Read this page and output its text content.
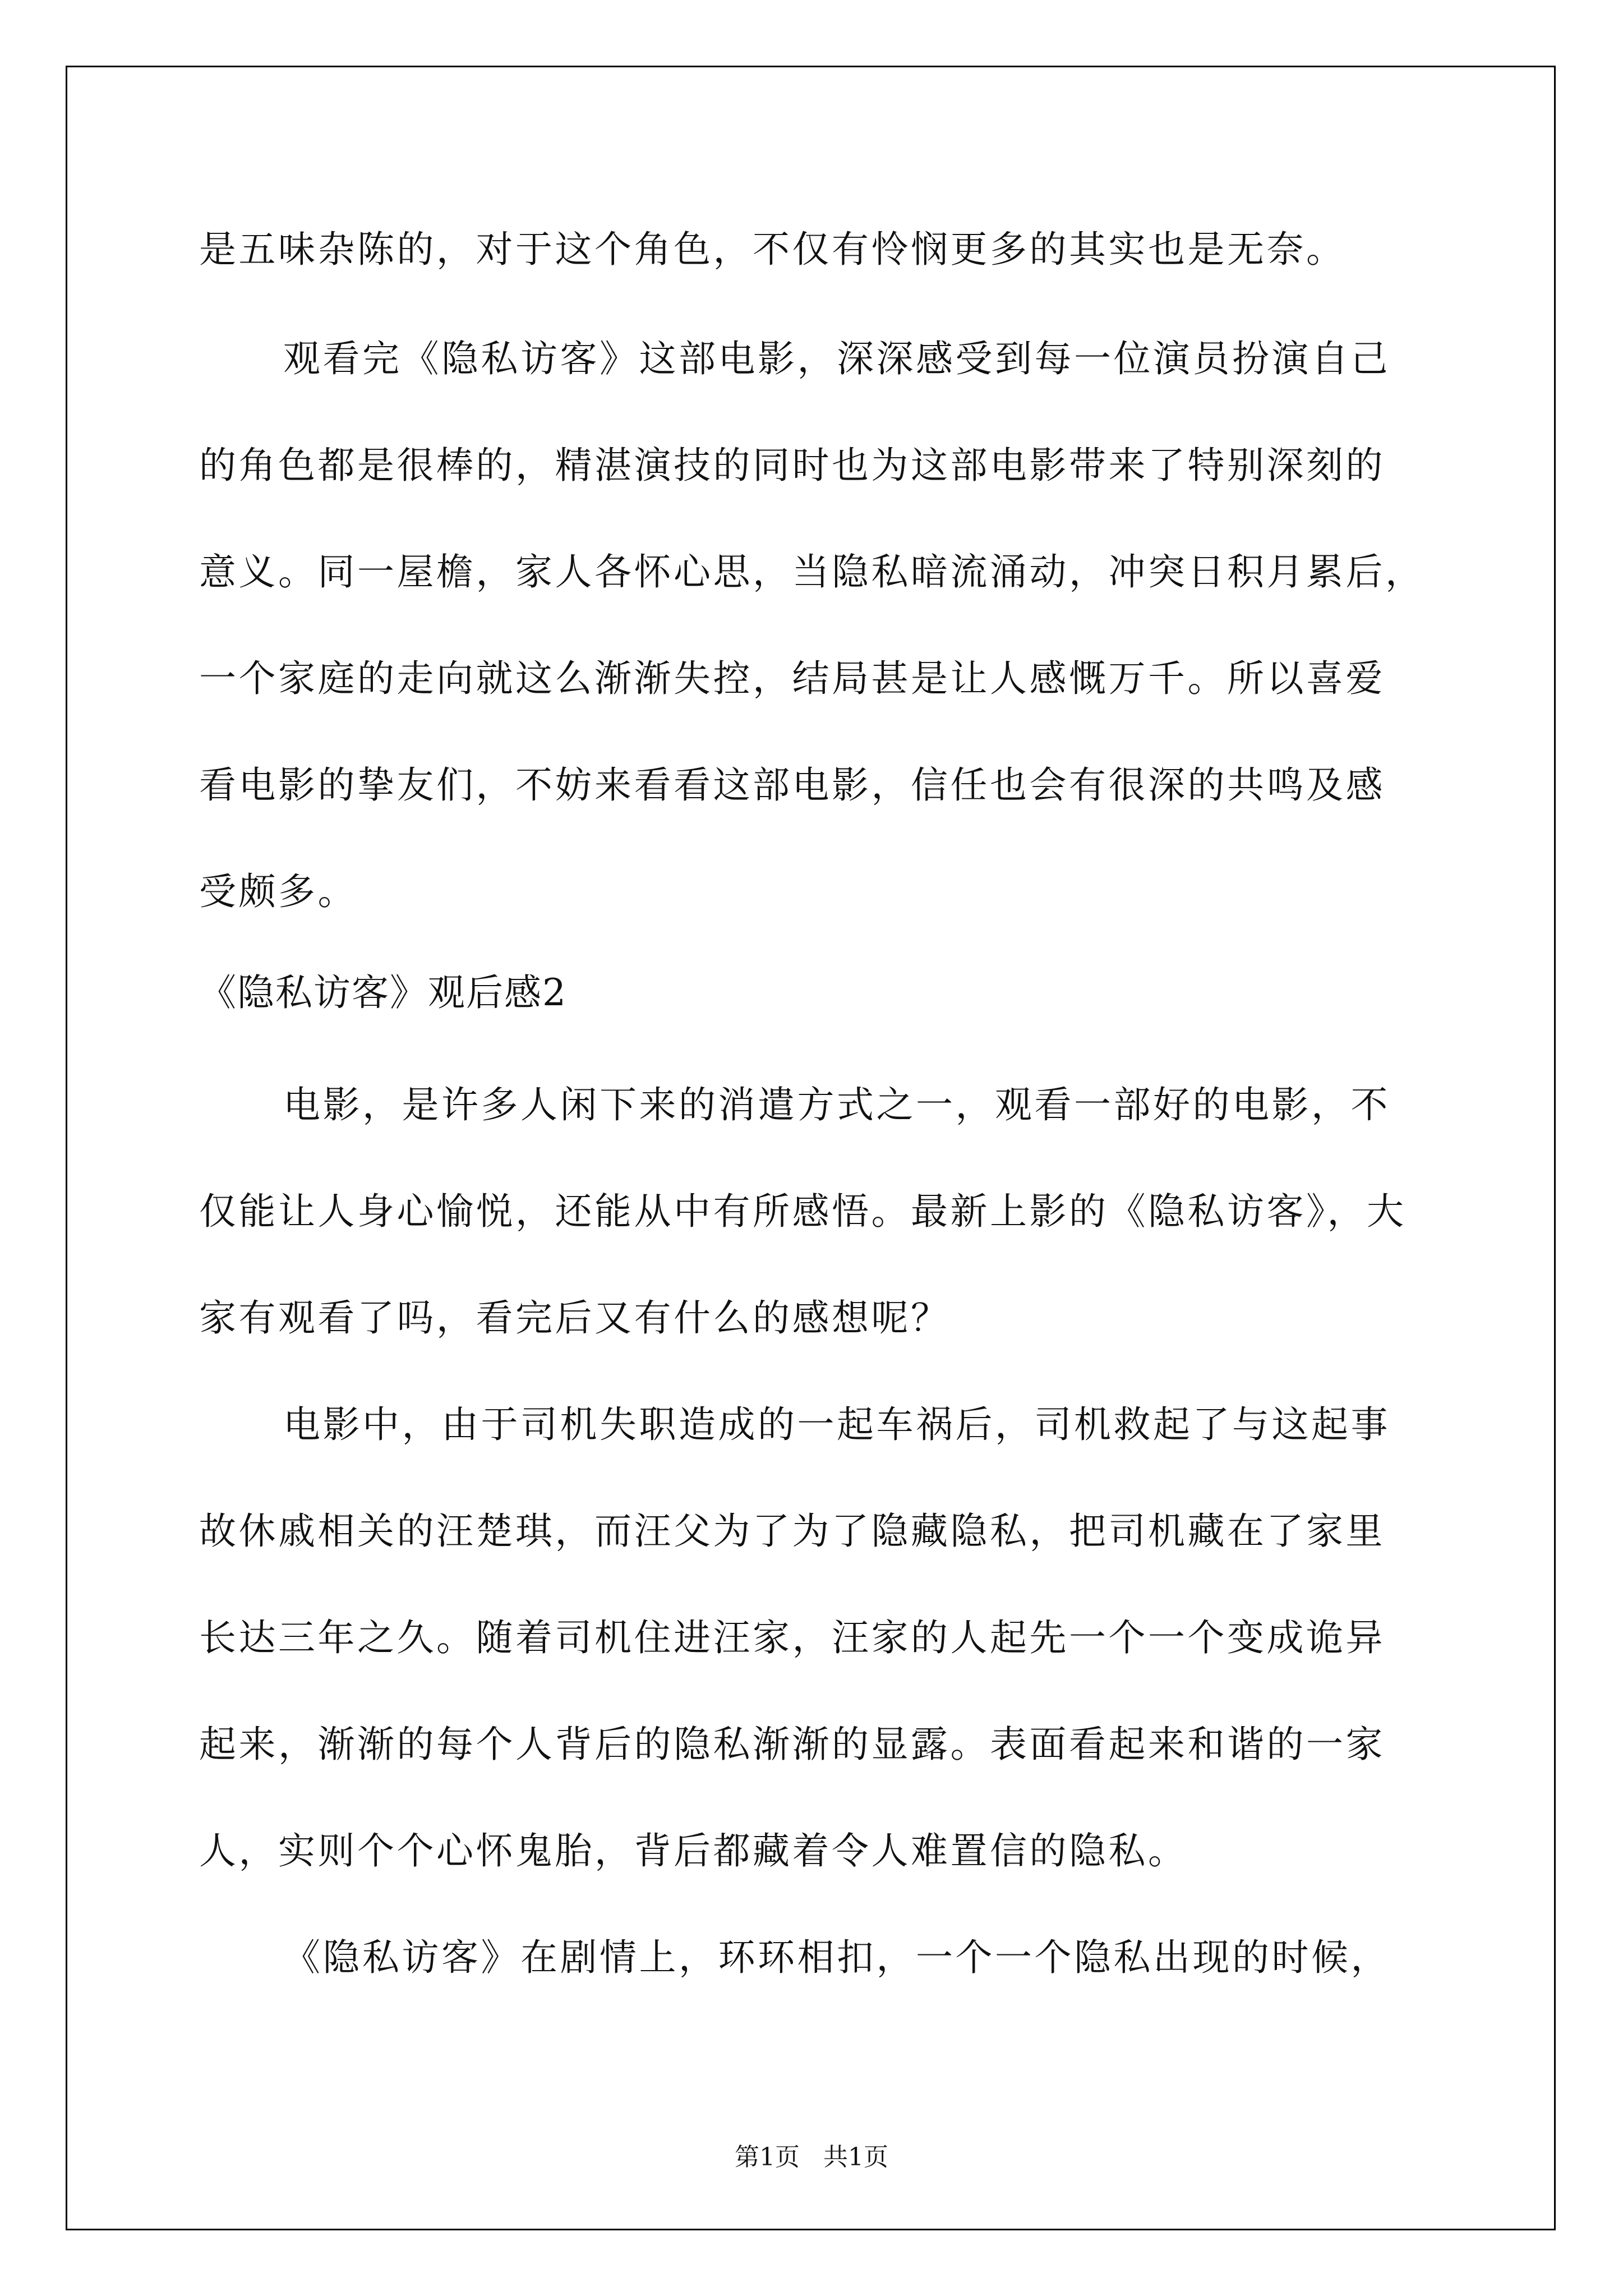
是五味杂陈的，对于这个角色，不仅有怜悯更多的其实也是无奈。
观看完《隐私访客》这部电影，深深感受到每一位演员扮演自己
的角色都是很棒的，精湛演技的同时也为这部电影带来了特别深刻的
意义。同一屋檐，家人各怀心思，当隐私暗流涌动，冲突日积月累后，
一个家庭的走向就这么渐渐失控，结局甚是让人感慨万千。所以喜爱
看电影的挚友们，不妨来看看这部电影，信任也会有很深的共鸣及感
受颇多。
《隐私访客》观后感2
电影，是许多人闲下来的消遣方式之一，观看一部好的电影，不
仅能让人身心愉悦，还能从中有所感悟。最新上影的《隐私访客》，大
家有观看了吗，看完后又有什么的感想呢？
电影中，由于司机失职造成的一起车祸后，司机救起了与这起事
故休戚相关的汪楚琪，而汪父为了为了隐藏隐私，把司机藏在了家里
长达三年之久。随着司机住进汪家，汪家的人起先一个一个变成诡异
起来，渐渐的每个人背后的隐私渐渐的显露。表面看起来和谐的一家
人，实则个个心怀鬼胎，背后都藏着令人难置信的隐私。
《隐私访客》在剧情上，环环相扣，一个一个隐私出现的时候，
第1页   共1页
